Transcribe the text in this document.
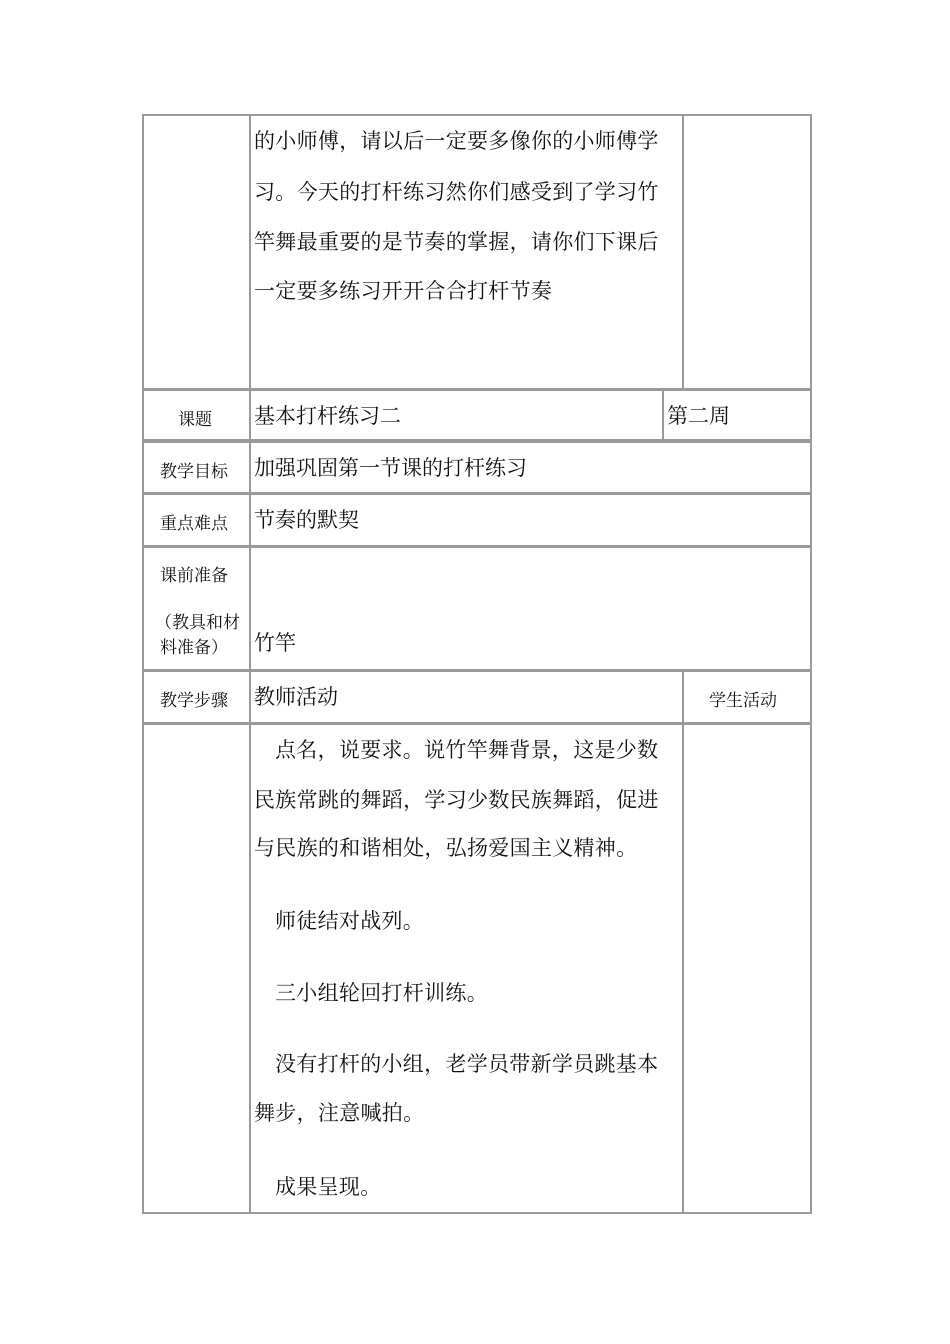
的小师傅，请以后一定要多像你的小师傅学
习。今天的打杆练习然你们感受到了学习竹
竿舞最重要的是节奏的掌握，请你们下课后
一定要多练习开开合合打杆节奏
课题 基本打杆练习二	第二周
教学目标 加强巩固第一节课的打杆练习
重点难点 节奏的默契
课前准备
（教具和材
料准备） 竹竿
教学步骤 教师活动	学生活动
点名，说要求。说竹竿舞背景，这是少数
民族常跳的舞蹈，学习少数民族舞蹈，促进
与民族的和谐相处，弘扬爱国主义精神。
师徒结对战列。
三小组轮回打杆训练。
没有打杆的小组，老学员带新学员跳基本
舞步，注意喊拍。
成果呈现。
